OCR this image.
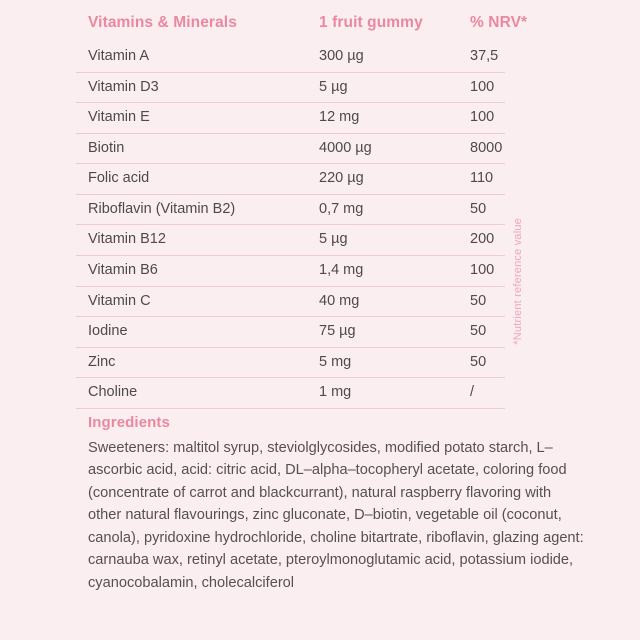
Vitamins & Minerals	1 fruit gummy	% NRV*
Vitamin A	300 µg	37,5
Vitamin D3	5 µg	100
Vitamin E	12 mg	100
Biotin	4000 µg	8000
Folic acid	220 µg	110
Riboflavin (Vitamin B2)	0,7 mg	50
Vitamin B12	5 µg	200
Vitamin B6	1,4 mg	100
Vitamin C	40 mg	50
Iodine	75 µg	50
Zinc	5 mg	50
Choline	1 mg	/
*Nutrient reference value

Ingredients

Sweeteners: maltitol syrup, steviolglycosides, modified potato starch, L–ascorbic acid, acid: citric acid, DL–alpha–tocopheryl acetate, coloring food (concentrate of carrot and blackcurrant), natural raspberry flavoring with other natural flavourings, zinc gluconate, D–biotin, vegetable oil (coconut, canola), pyridoxine hydrochloride, choline bitartrate, riboflavin, glazing agent: carnauba wax, retinyl acetate, pteroylmonoglutamic acid, potassium iodide, cyanocobalamin, cholecalciferol
